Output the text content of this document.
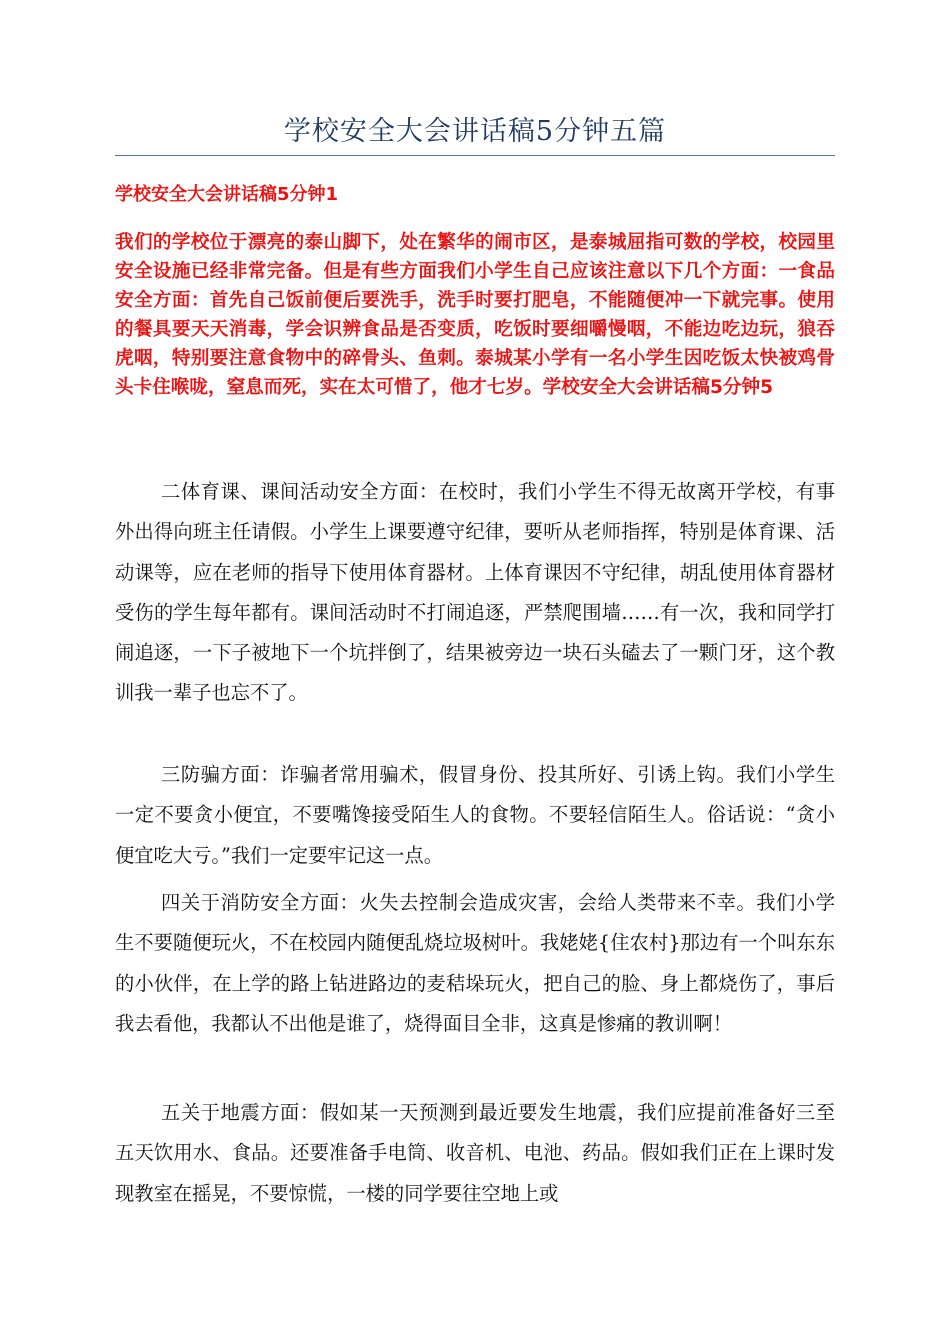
学校安全大会讲话稿5分钟五篇
学校安全大会讲话稿5分钟1

我们的学校位于漂亮的泰山脚下，处在繁华的闹市区，是泰城屈指可数的学校，校园里安全设施已经非常完备。但是有些方面我们小学生自己应该注意以下几个方面：一食品安全方面：首先自己饭前便后要洗手，洗手时要打肥皂，不能随便冲一下就完事。使用的餐具要天天消毒，学会识辨食品是否变质，吃饭时要细嚼慢咽，不能边吃边玩，狼吞虎咽，特别要注意食物中的碎骨头、鱼刺。泰城某小学有一名小学生因吃饭太快被鸡骨头卡住喉咙，窒息而死，实在太可惜了，他才七岁。学校安全大会讲话稿5分钟5

二体育课、课间活动安全方面：在校时，我们小学生不得无故离开学校，有事外出得向班主任请假。小学生上课要遵守纪律，要听从老师指挥，特别是体育课、活动课等，应在老师的指导下使用体育器材。上体育课因不守纪律，胡乱使用体育器材受伤的学生每年都有。课间活动时不打闹追逐，严禁爬围墙……有一次，我和同学打闹追逐，一下子被地下一个坑拌倒了，结果被旁边一块石头磕去了一颗门牙，这个教训我一辈子也忘不了。

三防骗方面：诈骗者常用骗术，假冒身份、投其所好、引诱上钩。我们小学生一定不要贪小便宜，不要嘴馋接受陌生人的食物。不要轻信陌生人。俗话说：“贪小便宜吃大亏。”我们一定要牢记这一点。

四关于消防安全方面：火失去控制会造成灾害，会给人类带来不幸。我们小学生不要随便玩火，不在校园内随便乱烧垃圾树叶。我姥姥{住农村}那边有一个叫东东的小伙伴，在上学的路上钻进路边的麦秸垛玩火，把自己的脸、身上都烧伤了，事后我去看他，我都认不出他是谁了，烧得面目全非，这真是惨痛的教训啊！

五关于地震方面：假如某一天预测到最近要发生地震，我们应提前准备好三至五天饮用水、食品。还要准备手电筒、收音机、电池、药品。假如我们正在上课时发现教室在摇晃，不要惊慌，一楼的同学要往空地上或
